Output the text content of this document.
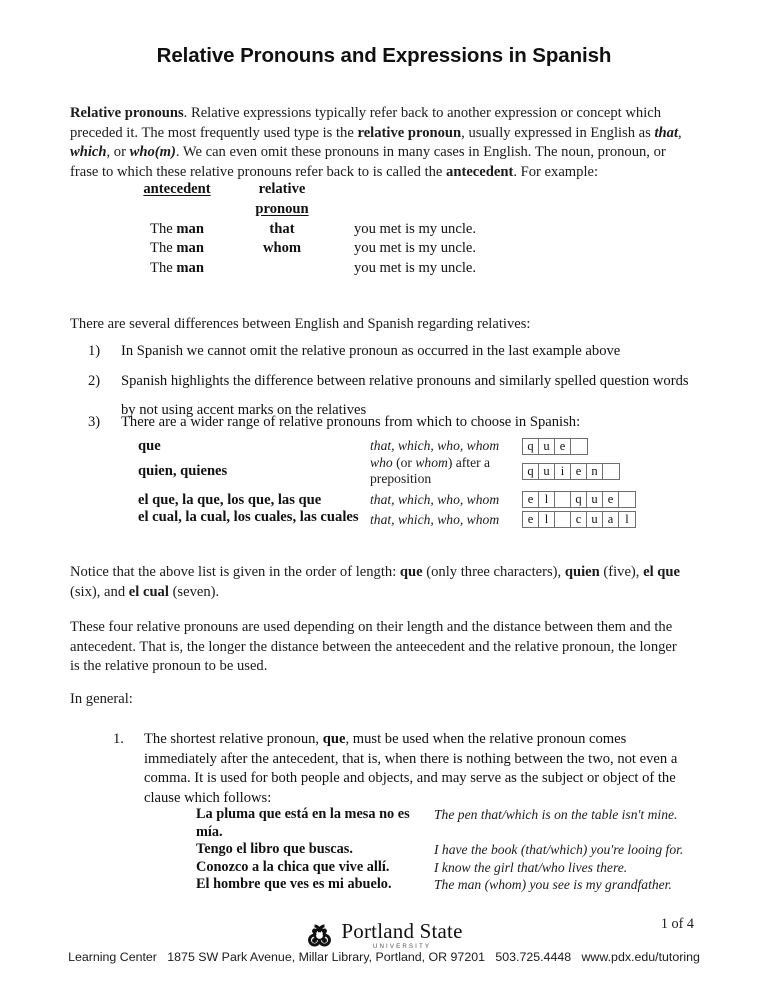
Relative Pronouns and Expressions in Spanish
Relative pronouns. Relative expressions typically refer back to another expression or concept which preceded it. The most frequently used type is the relative pronoun, usually expressed in English as that, which, or who(m). We can even omit these pronouns in many cases in English. The noun, pronoun, or frase to which these relative pronouns refer back to is called the antecedent. For example:
antecedent	relative	
	pronoun	
The man	that	you met is my uncle.
The man	whom	you met is my uncle.
The man		you met is my uncle.
There are several differences between English and Spanish regarding relatives:
1)	In Spanish we cannot omit the relative pronoun as occurred in the last example above
2)	Spanish highlights the difference between relative pronouns and similarly spelled question words by not using accent marks on the relatives
3)	There are a wider range of relative pronouns from which to choose in Spanish:
que	that, which, who, whom	q u e

quien, quienes	who (or whom) after a preposition	q u i e n

el que, la que, los que, las que	that, which, who, whom	e l q u e

el cual, la cual, los cuales, las cuales	that, which, who, whom	e l	c u a l
Notice that the above list is given in the order of length: que (only three characters), quien (five), el que (six), and el cual (seven).
These four relative pronouns are used depending on their length and the distance between them and the antecedent. That is, the longer the distance between the anteecedent and the relative pronoun, the longer is the relative pronoun to be used.
In general:
1.	The shortest relative pronoun, que, must be used when the relative pronoun comes immediately after the antecedent, that is, when there is nothing between the two, not even a comma. It is used for both people and objects, and may serve as the subject or object of the clause which follows:
La pluma que está en la mesa no es mía.	The pen that/which is on the table isn't mine.
Tengo el libro que buscas.	I have the book (that/which) you're looing for.
Conozco a la chica que vive allí.	I know the girl that/who lives there.
El hombre que ves es mi abuelo.	The man (whom) you see is my grandfather.
1 of 4
Portland State
UNIVERSITY
Learning Center 1875 SW Park Avenue, Millar Library, Portland, OR 97201 503.725.4448 www.pdx.edu/tutoring
